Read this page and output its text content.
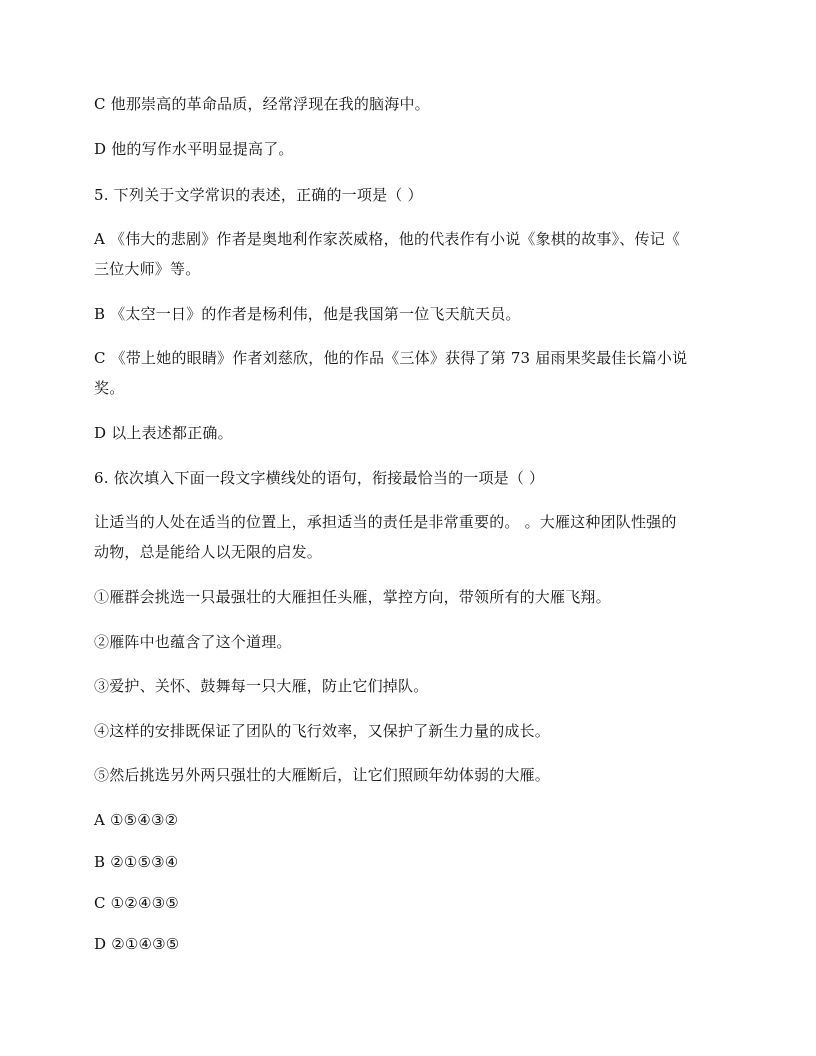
C 他那崇高的革命品质，经常浮现在我的脑海中。
D 他的写作水平明显提高了。
5. 下列关于文学常识的表述，正确的一项是（ ）
A 《伟大的悲剧》作者是奥地利作家茨威格，他的代表作有小说《象棋的故事》、传记《
三位大师》等。
B 《太空一日》的作者是杨利伟，他是我国第一位飞天航天员。
C 《带上她的眼睛》作者刘慈欣，他的作品《三体》获得了第 73 届雨果奖最佳长篇小说
奖。
D 以上表述都正确。
6. 依次填入下面一段文字横线处的语句，衔接最恰当的一项是（ ）
让适当的人处在适当的位置上，承担适当的责任是非常重要的。 。大雁这种团队性强的
动物，总是能给人以无限的启发。
①雁群会挑选一只最强壮的大雁担任头雁，掌控方向，带领所有的大雁飞翔。
②雁阵中也蕴含了这个道理。
③爱护、关怀、鼓舞每一只大雁，防止它们掉队。
④这样的安排既保证了团队的飞行效率，又保护了新生力量的成长。
⑤然后挑选另外两只强壮的大雁断后，让它们照顾年幼体弱的大雁。
A ①⑤④③②
B ②①⑤③④
C ①②④③⑤
D ②①④③⑤
